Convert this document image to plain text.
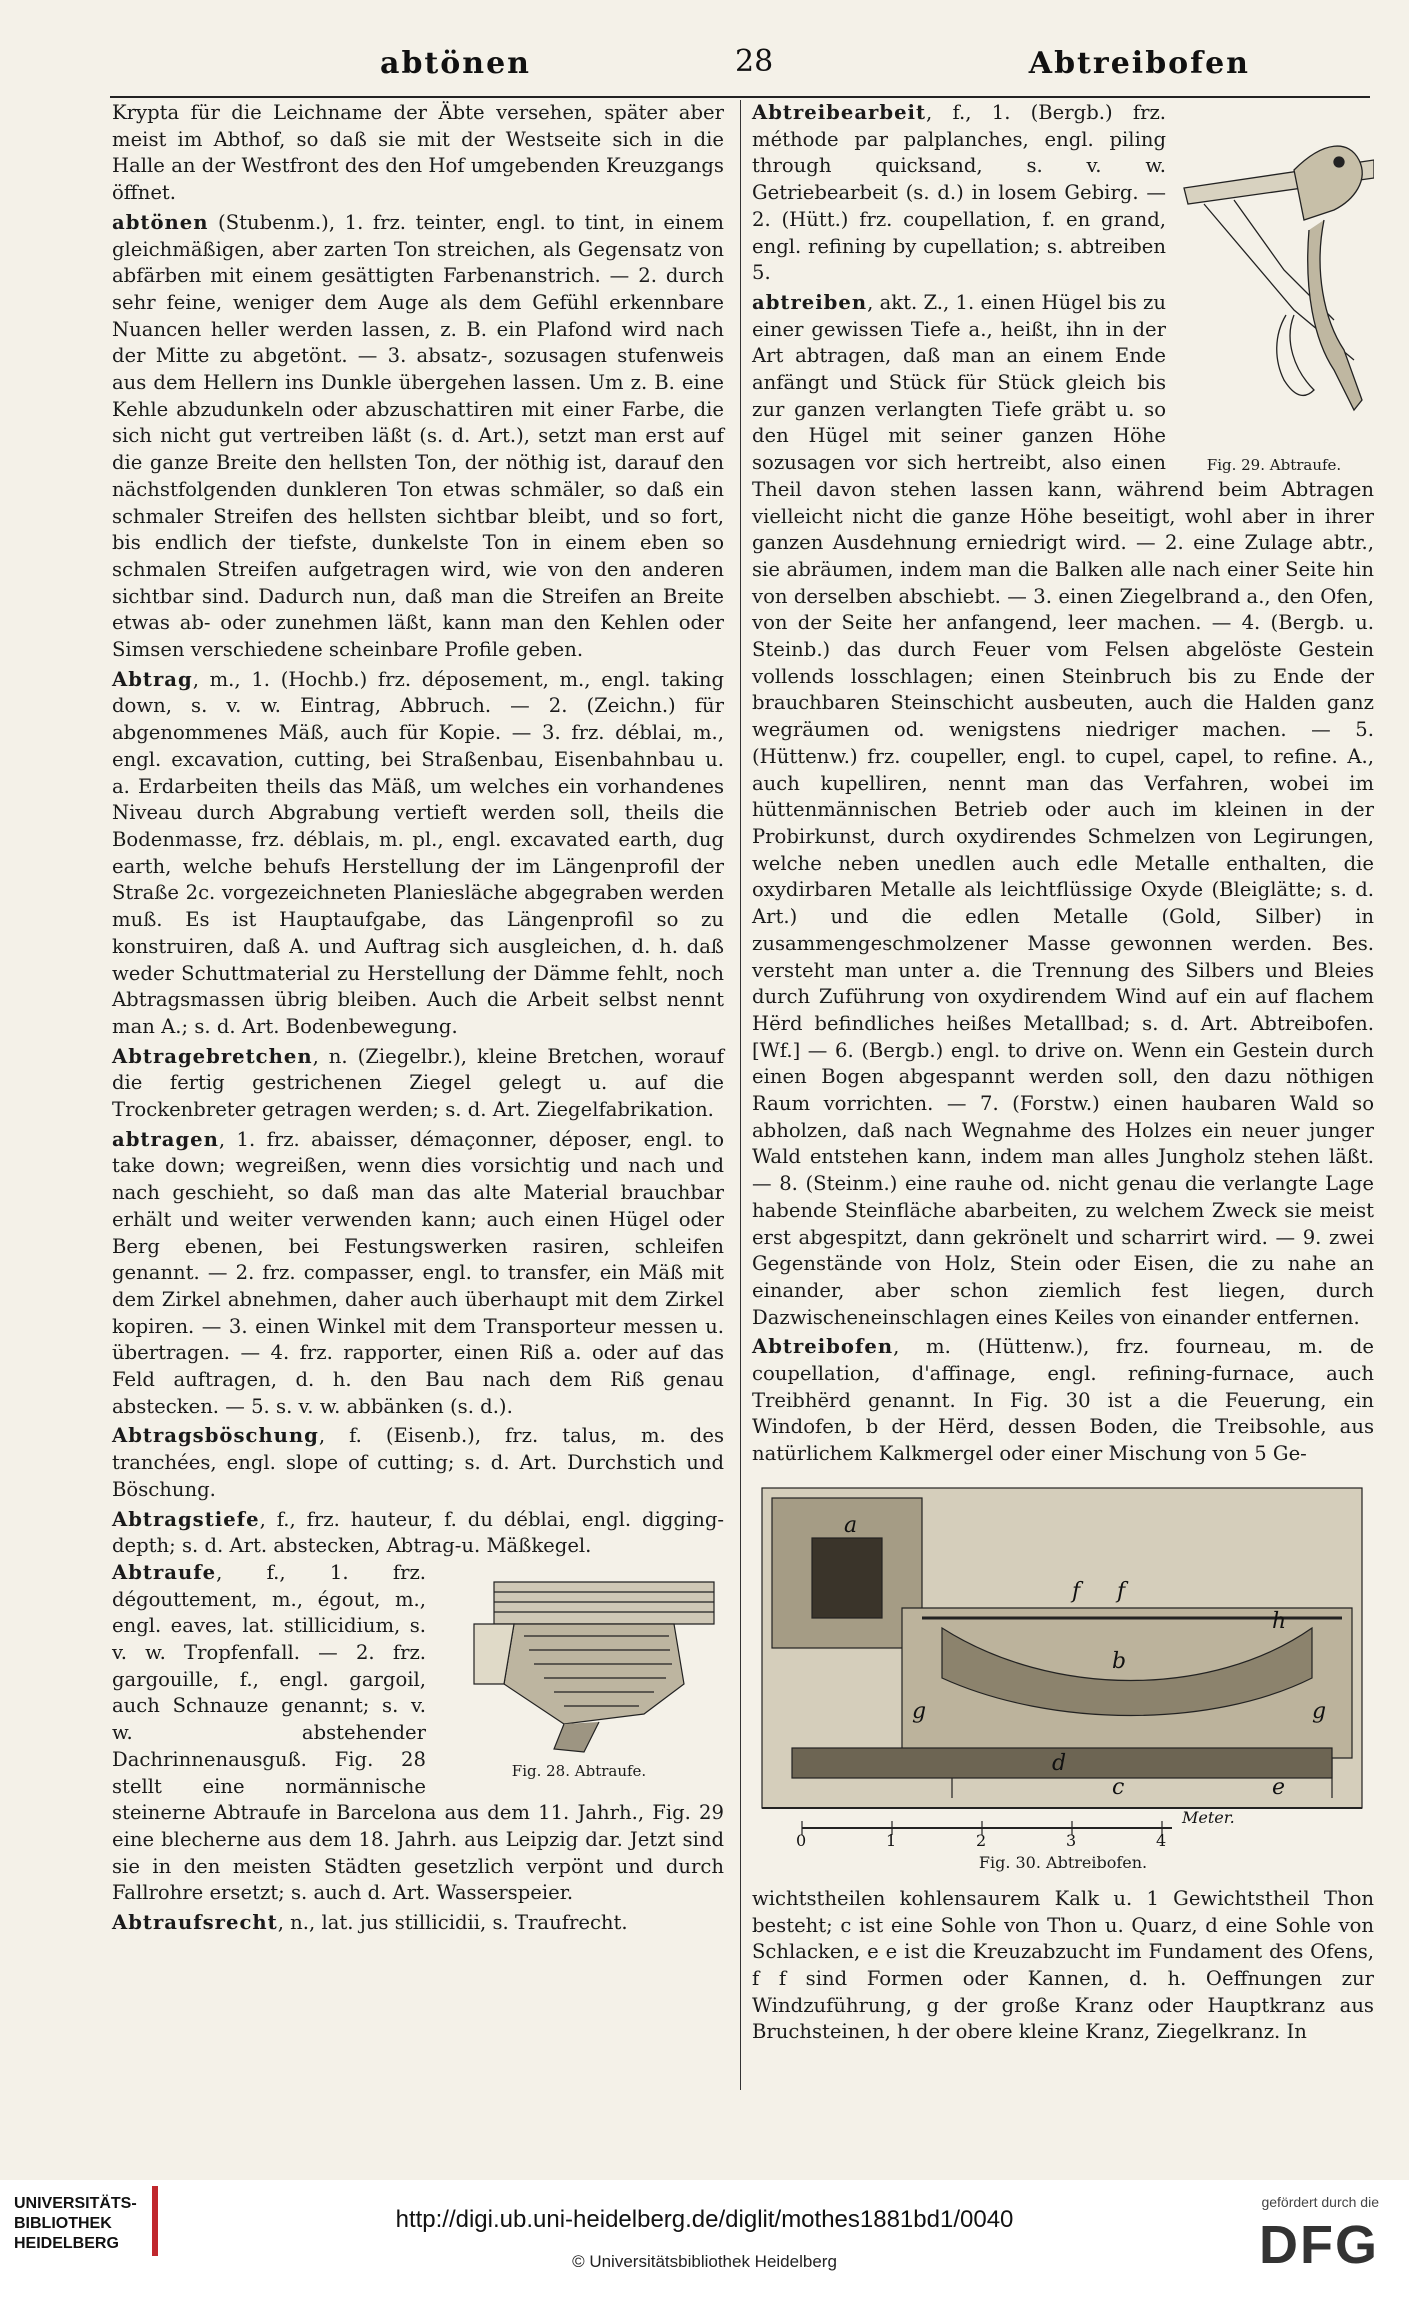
abtönen	28	Abtreibofen

Krypta für die Leichname der Äbte versehen, später aber meist im Abthof, so daß sie mit der Westseite sich in die Halle an der Westfront des den Hof umgebenden Kreuzgangs öffnet.

abtönen (Stubenm.), 1. frz. teinter, engl. to tint, in einem gleichmäßigen, aber zarten Ton streichen, als Gegensatz von abfärben mit einem gesättigten Farbenanstrich. — 2. durch sehr feine, weniger dem Auge als dem Gefühl erkennbare Nuancen heller werden lassen, z. B. ein Plafond wird nach der Mitte zu abgetönt. — 3. absatz-, sozusagen stufenweis aus dem Hellern ins Dunkle übergehen lassen. Um z. B. eine Kehle abzudunkeln oder abzuschattiren mit einer Farbe, die sich nicht gut vertreiben läßt (s. d. Art.), setzt man erst auf die ganze Breite den hellsten Ton, der nöthig ist, darauf den nächstfolgenden dunkleren Ton etwas schmäler, so daß ein schmaler Streifen des hellsten sichtbar bleibt, und so fort, bis endlich der tiefste, dunkelste Ton in einem eben so schmalen Streifen aufgetragen wird, wie von den anderen sichtbar sind. Dadurch nun, daß man die Streifen an Breite etwas ab- oder zunehmen läßt, kann man den Kehlen oder Simsen verschiedene scheinbare Profile geben.

Abtrag, m., 1. (Hochb.) frz. déposement, m., engl. taking down, s. v. w. Eintrag, Abbruch. — 2. (Zeichn.) für abgenommenes Mäß, auch für Kopie. — 3. frz. déblai, m., engl. excavation, cutting, bei Straßenbau, Eisenbahnbau u. a. Erdarbeiten theils das Mäß, um welches ein vorhandenes Niveau durch Abgrabung vertieft werden soll, theils die Bodenmasse, frz. déblais, m. pl., engl. excavated earth, dug earth, welche behufs Herstellung der im Längenprofil der Straße 2c. vorgezeichneten Planiesläche abgegraben werden muß. Es ist Hauptaufgabe, das Längenprofil so zu konstruiren, daß A. und Auftrag sich ausgleichen, d. h. daß weder Schuttmaterial zu Herstellung der Dämme fehlt, noch Abtragsmassen übrig bleiben. Auch die Arbeit selbst nennt man A.; s. d. Art. Bodenbewegung.

Abtragebretchen, n. (Ziegelbr.), kleine Bretchen, worauf die fertig gestrichenen Ziegel gelegt u. auf die Trockenbreter getragen werden; s. d. Art. Ziegelfabrikation.

abtragen, 1. frz. abaisser, démaçonner, déposer, engl. to take down; wegreißen, wenn dies vorsichtig und nach und nach geschieht, so daß man das alte Material brauchbar erhält und weiter verwenden kann; auch einen Hügel oder Berg ebenen, bei Festungswerken rasiren, schleifen genannt. — 2. frz. compasser, engl. to transfer, ein Mäß mit dem Zirkel abnehmen, daher auch überhaupt mit dem Zirkel kopiren. — 3. einen Winkel mit dem Transporteur messen u. übertragen. — 4. frz. rapporter, einen Riß a. oder auf das Feld auftragen, d. h. den Bau nach dem Riß genau abstecken. — 5. s. v. w. abbänken (s. d.).

Abtragsböschung, f. (Eisenb.), frz. talus, m. des tranchées, engl. slope of cutting; s. d. Art. Durchstich und Böschung.

Abtragstiefe, f., frz. hauteur, f. du déblai, engl. digging-depth; s. d. Art. abstecken, Abtrag-u. Mäßkegel.

Fig. 28. Abtraufe.

Abtraufe, f., 1. frz. dégouttement, m., égout, m., engl. eaves, lat. stillicidium, s. v. w. Tropfenfall. — 2. frz. gargouille, f., engl. gargoil, auch Schnauze genannt; s. v. w. abstehender Dachrinnenausguß. Fig. 28 stellt eine normännische steinerne Abtraufe in Barcelona aus dem 11. Jahrh., Fig. 29 eine blecherne aus dem 18. Jahrh. aus Leipzig dar. Jetzt sind sie in den meisten Städten gesetzlich verpönt und durch Fallrohre ersetzt; s. auch d. Art. Wasserspeier.

Abtraufsrecht, n., lat. jus stillicidii, s. Traufrecht.

Fig. 29. Abtraufe.

Abtreibearbeit, f., 1. (Bergb.) frz. méthode par palplanches, engl. piling through quicksand, s. v. w. Getriebearbeit (s. d.) in losem Gebirg. — 2. (Hütt.) frz. coupellation, f. en grand, engl. refining by cupellation; s. abtreiben 5.

abtreiben, akt. Z., 1. einen Hügel bis zu einer gewissen Tiefe a., heißt, ihn in der Art abtragen, daß man an einem Ende anfängt und Stück für Stück gleich bis zur ganzen verlangten Tiefe gräbt u. so den Hügel mit seiner ganzen Höhe sozusagen vor sich hertreibt, also einen Theil davon stehen lassen kann, während beim Abtragen vielleicht nicht die ganze Höhe beseitigt, wohl aber in ihrer ganzen Ausdehnung erniedrigt wird. — 2. eine Zulage abtr., sie abräumen, indem man die Balken alle nach einer Seite hin von derselben abschiebt. — 3. einen Ziegelbrand a., den Ofen, von der Seite her anfangend, leer machen. — 4. (Bergb. u. Steinb.) das durch Feuer vom Felsen abgelöste Gestein vollends losschlagen; einen Steinbruch bis zu Ende der brauchbaren Steinschicht ausbeuten, auch die Halden ganz wegräumen od. wenigstens niedriger machen. — 5. (Hüttenw.) frz. coupeller, engl. to cupel, capel, to refine. A., auch kupelliren, nennt man das Verfahren, wobei im hüttenmännischen Betrieb oder auch im kleinen in der Probirkunst, durch oxydirendes Schmelzen von Legirungen, welche neben unedlen auch edle Metalle enthalten, die oxydirbaren Metalle als leichtflüssige Oxyde (Bleiglätte; s. d. Art.) und die edlen Metalle (Gold, Silber) in zusammengeschmolzener Masse gewonnen werden. Bes. versteht man unter a. die Trennung des Silbers und Bleies durch Zuführung von oxydirendem Wind auf ein auf flachem Hërd befindliches heißes Metallbad; s. d. Art. Abtreibofen. [Wf.] — 6. (Bergb.) engl. to drive on. Wenn ein Gestein durch einen Bogen abgespannt werden soll, den dazu nöthigen Raum vorrichten. — 7. (Forstw.) einen haubaren Wald so abholzen, daß nach Wegnahme des Holzes ein neuer junger Wald entstehen kann, indem man alles Jungholz stehen läßt. — 8. (Steinm.) eine rauhe od. nicht genau die verlangte Lage habende Steinfläche abarbeiten, zu welchem Zweck sie meist erst abgespitzt, dann gekrönelt und scharrirt wird. — 9. zwei Gegenstände von Holz, Stein oder Eisen, die zu nahe an einander, aber schon ziemlich fest liegen, durch Dazwischeneinschlagen eines Keiles von einander entfernen.

Abtreibofen, m. (Hüttenw.), frz. fourneau, m. de coupellation, d'affinage, engl. refining-furnace, auch Treibhërd genannt. In Fig. 30 ist a die Feuerung, ein Windofen, b der Hërd, dessen Boden, die Treibsohle, aus natürlichem Kalkmergel oder einer Mischung von 5 Ge-

a
b
c
d
e
f f
g	g
h
0	1	2	3	4
Meter.
Fig. 30. Abtreibofen.

wichtstheilen kohlensaurem Kalk u. 1 Gewichtstheil Thon besteht; c ist eine Sohle von Thon u. Quarz, d eine Sohle von Schlacken, e e ist die Kreuzabzucht im Fundament des Ofens, f f sind Formen oder Kannen, d. h. Oeffnungen zur Windzuführung, g der große Kranz oder Hauptkranz aus Bruchsteinen, h der obere kleine Kranz, Ziegelkranz. In

UNIVERSITÄTS-
BIBLIOTHEK
HEIDELBERG
http://digi.ub.uni-heidelberg.de/diglit/mothes1881bd1/0040
© Universitätsbibliothek Heidelberg
gefördert durch die
DFG
